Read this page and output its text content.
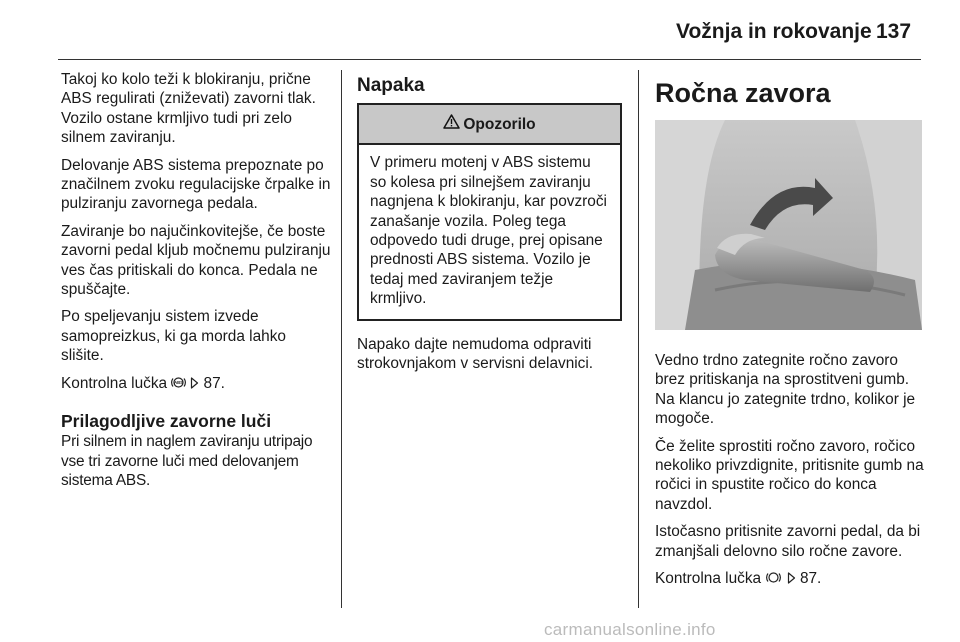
Vožnja in rokovanje 137

Takoj ko kolo teži k blokiranju, prične ABS regulirati (zniževati) zavorni tlak. Vozilo ostane krmljivo tudi pri zelo silnem zaviranju.

Delovanje ABS sistema prepoznate po značilnem zvoku regulacijske črpalke in pulziranju zavornega pedala.

Zaviranje bo najučinkovitejše, če boste zavorni pedal kljub močnemu pulziranju ves čas pritiskali do konca. Pedala ne spuščajte.

Po speljevanju sistem izvede samopreizkus, ki ga morda lahko slišite.

Kontrolna lučka ABS 87.

Prilagodljive zavorne luči

Pri silnem in naglem zaviranju utripajo vse tri zavorne luči med delovanjem sistema ABS.

Napaka
Opozorilo
V primeru motenj v ABS sistemu so kolesa pri silnejšem zaviranju nagnjena k blokiranju, kar povzroči zanašanje vozila. Poleg tega odpovedo tudi druge, prej opisane prednosti ABS sistema. Vozilo je tedaj med zaviranjem težje krmljivo.

Napako dajte nemudoma odpraviti strokovnjakom v servisni delavnici.

Ročna zavora

Vedno trdno zategnite ročno zavoro brez pritiskanja na sprostitveni gumb. Na klancu jo zategnite trdno, kolikor je mogoče.

Če želite sprostiti ročno zavoro, ročico nekoliko privzdignite, pritisnite gumb na ročici in spustite ročico do konca navzdol.

Istočasno pritisnite zavorni pedal, da bi zmanjšali delovno silo ročne zavore.

Kontrolna lučka	87.

carmanualsonline.info
